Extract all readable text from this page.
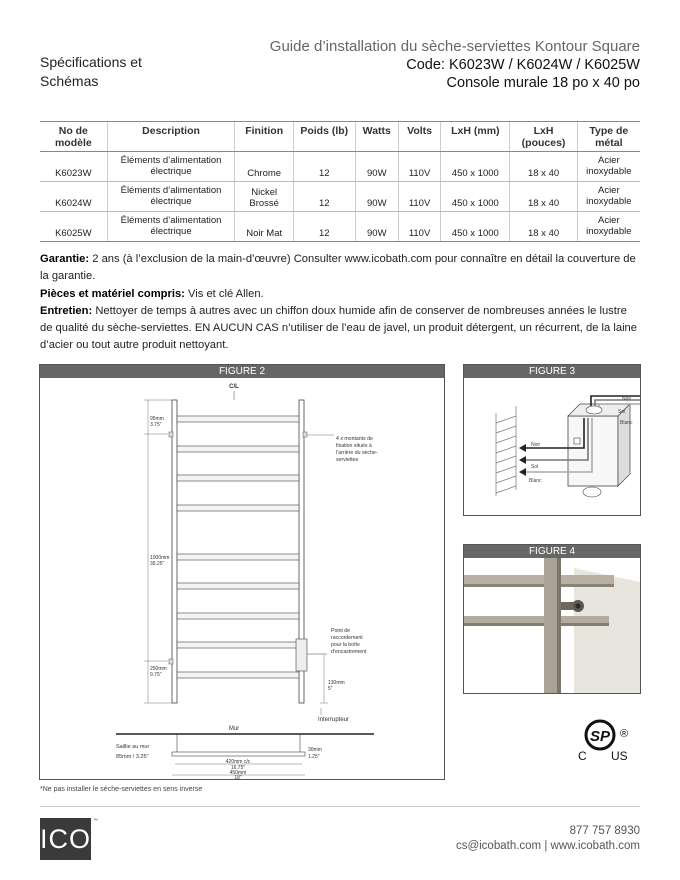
Spécifications et Schémas
Guide d’installation du sèche-serviettes Kontour Square
Code: K6023W / K6024W / K6025W
Console murale 18 po x 40 po
No de modèle	Description	Finition	Poids (lb)	Watts	Volts	LxH (mm)	LxH (pouces)	Type de métal
K6023W	Éléments d’alimentation électrique	Chrome	12	90W	110V	450 x 1000	18 x 40	Acier inoxydable
K6024W	Éléments d’alimentation électrique	Nickel Brossé	12	90W	110V	450 x 1000	18 x 40	Acier inoxydable
K6025W	Éléments d’alimentation électrique	Noir Mat	12	90W	110V	450 x 1000	18 x 40	Acier inoxydable
Garantie: 2 ans (à l’exclusion de la main-d’œuvre) Consulter www.icobath.com pour connaître en détail la couverture de la garantie.
Pièces et matériel compris: Vis et clé Allen.
Entretien: Nettoyer de temps à autres avec un chiffon doux humide afin de conserver de nombreuses années le lustre de qualité du sèche-serviettes. EN AUCUN CAS n’utiliser de l’eau de javel, un produit détergent, un récurrent, de la laine d’acier ou tout autre produit nettoyant.
FIGURE 2
C/L
95mm
3.75"
1000mm
39.25"
250mm
9.75"
4 x montants de
fixation situés à
l’arrière du sèche-
serviettes
Point de
raccordement
pour la boîte
d’encastrement
130mm
5"
Interrupteur
Mur
Saillie au mur
85mm / 3.25"
30mm
1.25"
420mm c/c
16.75"
450mm
18"
FIGURE 3
Noir
Sol
Blanc
Noir
Sol
Blanc
FIGURE 4
SP ®
C US
*Ne pas installer le sèche-serviettes en sens inverse
ICO
™
877 757 8930
cs@icobath.com | www.icobath.com
